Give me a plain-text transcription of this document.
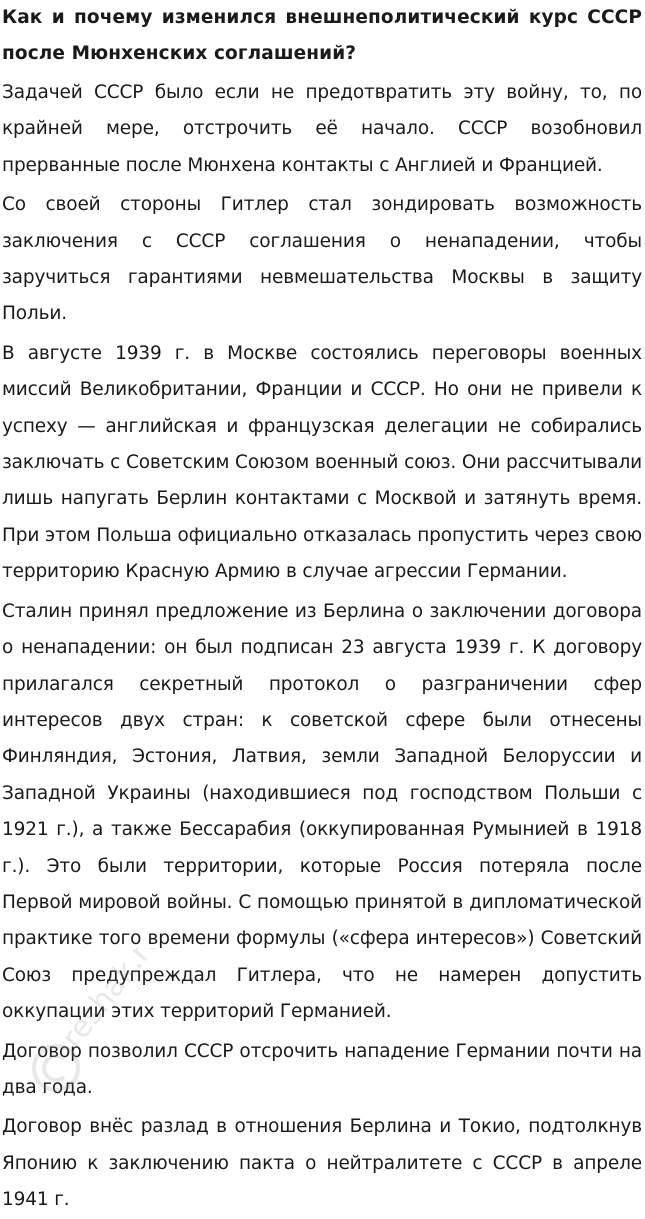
Как и почему изменился внешнеполитический курс СССР после Мюнхенских соглашений?

Задачей СССР было если не предотвратить эту войну, то, по крайней мере, отстрочить её начало. СССР возобновил прерванные после Мюнхена контакты с Англией и Францией.

Со своей стороны Гитлер стал зондировать возможность заключения с СССР соглашения о ненападении, чтобы заручиться гарантиями невмешательства Москвы в защиту Польи.

В августе 1939 г. в Москве состоялись переговоры военных миссий Великобритании, Франции и СССР. Но они не привели к успеху — английская и французская делегации не собирались заключать с Советским Союзом военный союз. Они рассчитывали лишь напугать Берлин контактами с Москвой и затянуть время. При этом Польша официально отказалась пропустить через свою территорию Красную Армию в случае агрессии Германии.

Сталин принял предложение из Берлина о заключении договора о ненападении: он был подписан 23 августа 1939 г. К договору прилагался секретный протокол о разграничении сфер интересов двух стран: к советской сфере были отнесены Финляндия, Эстония, Латвия, земли Западной Белоруссии и Западной Украины (находившиеся под господством Польши с 1921 г.), а также Бессарабия (оккупированная Румынией в 1918 г.). Это были территории, которые Россия потеряла после Первой мировой войны. С помощью принятой в дипломатической практике того времени формулы («сфера интересов») Советский Союз предупреждал Гитлера, что не намерен допустить оккупации этих территорий Германией.

Договор позволил СССР отсрочить нападение Германии почти на два года.

Договор внёс разлад в отношения Берлина и Токио, подтолкнув Японию к заключению пакта о нейтралитете с СССР в апреле 1941 г.

reshak.ru
